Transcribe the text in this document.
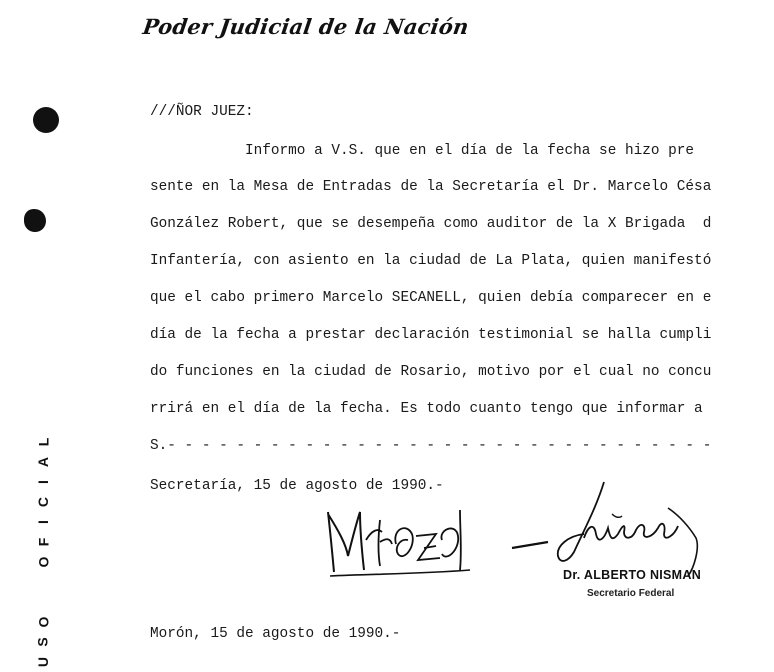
Poder Judicial de la Nación
L
A
I
C
I
F
O
O
S
U
///ÑOR JUEZ:
Informo a V.S. que en el día de la fecha se hizo pre
sente en la Mesa de Entradas de la Secretaría el Dr. Marcelo Césa
González Robert, que se desempeña como auditor de la X Brigada  d
Infantería, con asiento en la ciudad de La Plata, quien manifestó
que el cabo primero Marcelo SECANELL, quien debía comparecer en e
día de la fecha a prestar declaración testimonial se halla cumpli
do funciones en la ciudad de Rosario, motivo por el cual no concu
rrirá en el día de la fecha. Es todo cuanto tengo que informar a
S.- - - - - - - - - - - - - - - - - - - - - - - - - - - - - - - -
Secretaría, 15 de agosto de 1990.-
Dr. ALBERTO NISMAN
Secretario Federal
Morón, 15 de agosto de 1990.-
